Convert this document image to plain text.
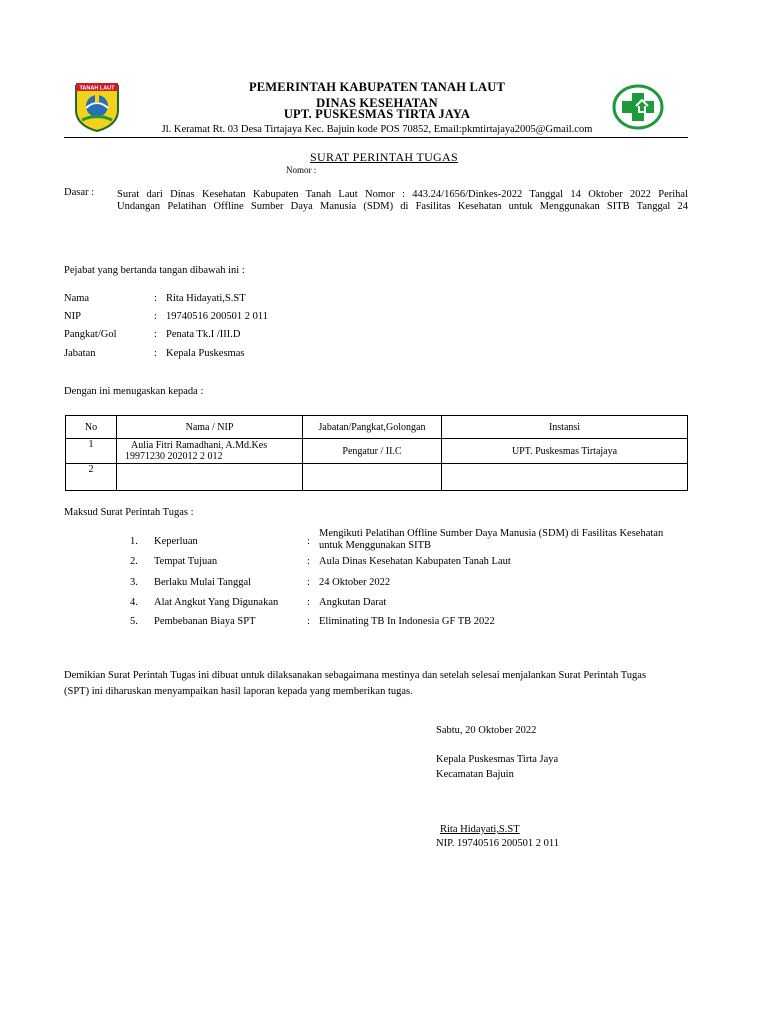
TANAH LAUT	PEMERINTAH KABUPATEN TANAH LAUT
DINAS KESEHATAN
UPT. PUSKESMAS TIRTA JAYA
Jl. Keramat Rt. 03 Desa Tirtajaya Kec. Bajuin kode POS 70852, Email:pkmtirtajaya2005@Gmail.com
SURAT PERINTAH TUGAS
Nomor :
Dasar : Surat dari Dinas Kesehatan Kabupaten Tanah Laut Nomor : 443.24/1656/Dinkes-2022 Tanggal 14 Oktober 2022 Perihal
Undangan Pelatihan Offline Sumber Daya Manusia (SDM) di Fasilitas Kesehatan untuk Menggunakan SITB Tanggal 24
Pejabat yang bertanda tangan dibawah ini :
Nama	: Rita Hidayati,S.ST
NIP	: 19740516 200501 2 011
Pangkat/Gol	: Penata Tk.I /III.D
Jabatan	: Kepala Puskesmas
Dengan ini menugaskan kepada :
No	Nama / NIP	Jabatan/Pangkat,Golongan	Instansi
1	Aulia Fitri Ramadhani, A.Md.Kes
19971230 202012 2 012	Pengatur / II.C	UPT. Puskesmas Tirtajaya
2			
Maksud Surat Perintah Tugas :
1. Keperluan	:
Mengikuti Pelatihan Offline Sumber Daya Manusia (SDM) di Fasilitas Kesehatan untuk Menggunakan SITB
2. Tempat Tujuan	: Aula Dinas Kesehatan Kabupaten Tanah Laut
3. Berlaku Mulai Tanggal	: 24 Oktober 2022
4. Alat Angkut Yang Digunakan	: Angkutan Darat
5. Pembebanan Biaya SPT	: Eliminating TB In Indonesia GF TB 2022
Demikian Surat Perintah Tugas ini dibuat untuk dilaksanakan sebagaimana mestinya dan setelah selesai menjalankan Surat Perintah Tugas (SPT) ini diharuskan menyampaikan hasil laporan kepada yang memberikan tugas.
Sabtu, 20 Oktober 2022
Kepala Puskesmas Tirta Jaya
Kecamatan Bajuin
Rita Hidayati,S.ST
NIP. 19740516 200501 2 011
